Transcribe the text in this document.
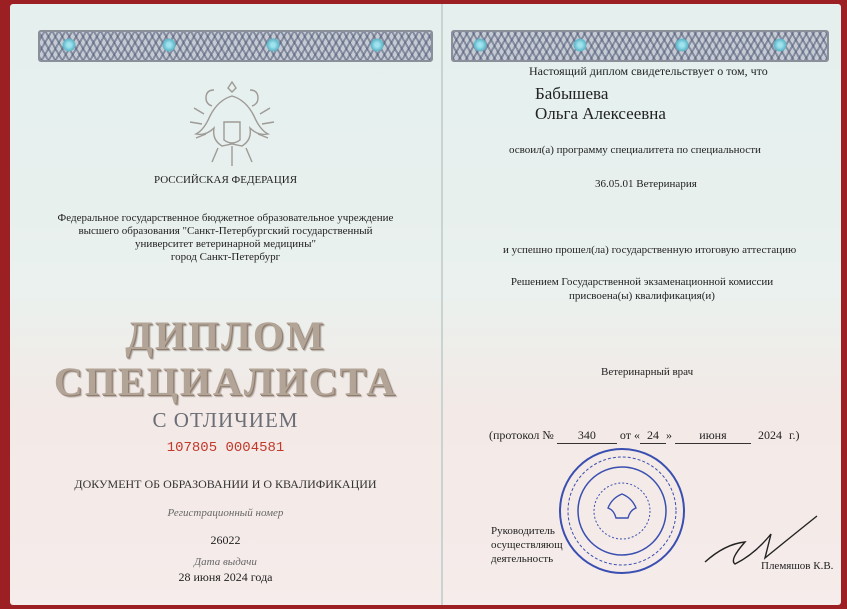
РОССИЙСКАЯ ФЕДЕРАЦИЯ
Федеральное государственное бюджетное образовательное учреждение
высшего образования "Санкт-Петербургский государственный
университет ветеринарной медицины"
город Санкт-Петербург
ДИПЛОМ
СПЕЦИАЛИСТА
С ОТЛИЧИЕМ
107805 0004581
ДОКУМЕНТ ОБ ОБРАЗОВАНИИ И О КВАЛИФИКАЦИИ
Регистрационный номер
26022
Дата выдачи
28 июня 2024 года
Настоящий диплом свидетельствует о том, что
Бабышева
Ольга Алексеевна
освоил(а) программу специалитета по специальности
36.05.01 Ветеринария
и успешно прошел(ла) государственную итоговую аттестацию
Решением Государственной экзаменационной комиссии
присвоена(ы) квалификация(и)
Ветеринарный врач
(протокол № 340 от « 24 » июня	2024 г.)
Руководитель
осуществляющ
деятельность
Племяшов К.В.
